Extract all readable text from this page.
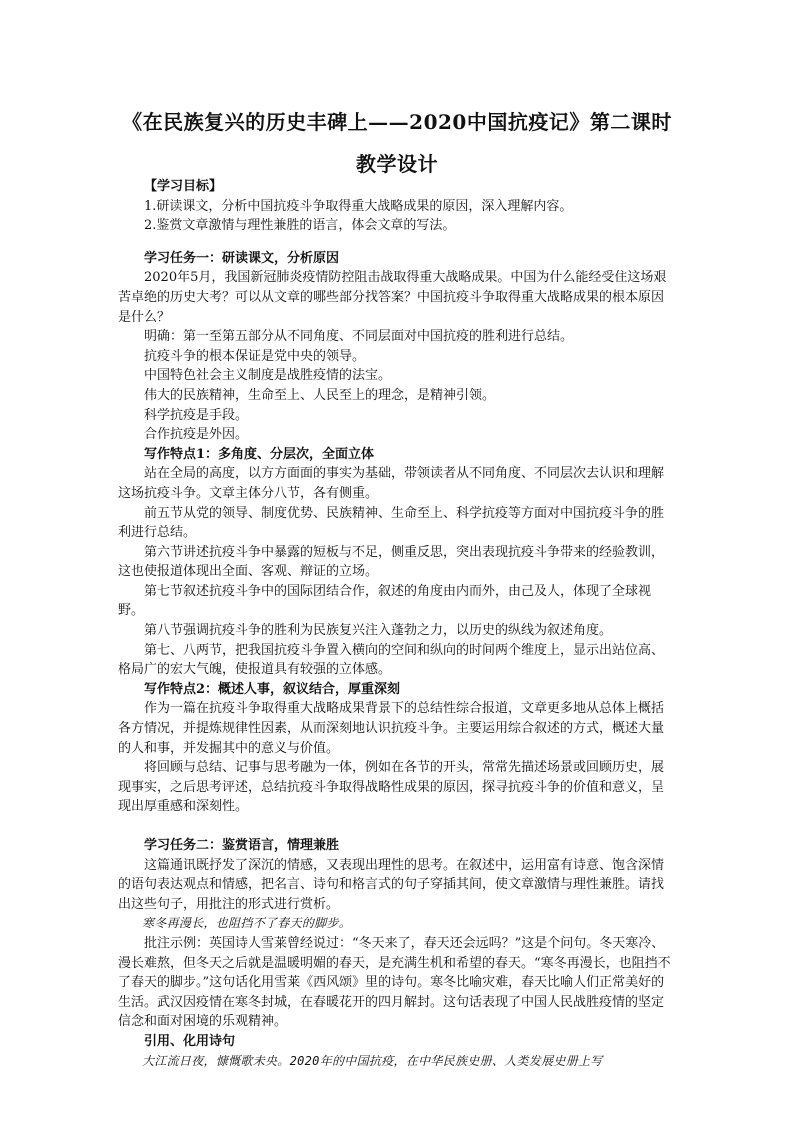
《在民族复兴的历史丰碑上——2020中国抗疫记》第二课时
教学设计

【学习目标】

1.研读课文，分析中国抗疫斗争取得重大战略成果的原因，深入理解内容。

2.鉴赏文章激情与理性兼胜的语言，体会文章的写法。

学习任务一：研读课文，分析原因

2020年5月，我国新冠肺炎疫情防控阻击战取得重大战略成果。中国为什么能经受住这场艰苦卓绝的历史大考？可以从文章的哪些部分找答案？中国抗疫斗争取得重大战略成果的根本原因是什么？

明确：第一至第五部分从不同角度、不同层面对中国抗疫的胜利进行总结。

抗疫斗争的根本保证是党中央的领导。

中国特色社会主义制度是战胜疫情的法宝。

伟大的民族精神，生命至上、人民至上的理念，是精神引领。

科学抗疫是手段。

合作抗疫是外因。

写作特点1：多角度、分层次，全面立体

站在全局的高度，以方方面面的事实为基础，带领读者从不同角度、不同层次去认识和理解这场抗疫斗争。文章主体分八节，各有侧重。

前五节从党的领导、制度优势、民族精神、生命至上、科学抗疫等方面对中国抗疫斗争的胜利进行总结。

第六节讲述抗疫斗争中暴露的短板与不足，侧重反思，突出表现抗疫斗争带来的经验教训，这也使报道体现出全面、客观、辩证的立场。

第七节叙述抗疫斗争中的国际团结合作，叙述的角度由内而外，由己及人，体现了全球视野。

第八节强调抗疫斗争的胜利为民族复兴注入蓬勃之力，以历史的纵线为叙述角度。

第七、八两节，把我国抗疫斗争置入横向的空间和纵向的时间两个维度上，显示出站位高、格局广的宏大气魄，使报道具有较强的立体感。

写作特点2：概述人事，叙议结合，厚重深刻

作为一篇在抗疫斗争取得重大战略成果背景下的总结性综合报道，文章更多地从总体上概括各方情况，并提炼规律性因素，从而深刻地认识抗疫斗争。主要运用综合叙述的方式，概述大量的人和事，并发掘其中的意义与价值。

将回顾与总结、记事与思考融为一体，例如在各节的开头，常常先描述场景或回顾历史，展现事实，之后思考评述，总结抗疫斗争取得战略性成果的原因，探寻抗疫斗争的价值和意义，呈现出厚重感和深刻性。

学习任务二：鉴赏语言，情理兼胜

这篇通讯既抒发了深沉的情感，又表现出理性的思考。在叙述中，运用富有诗意、饱含深情的语句表达观点和情感，把名言、诗句和格言式的句子穿插其间，使文章激情与理性兼胜。请找出这些句子，用批注的形式进行赏析。

寒冬再漫长，也阻挡不了春天的脚步。

批注示例：英国诗人雪莱曾经说过：“冬天来了，春天还会远吗？”这是个问句。冬天寒冷、漫长难熬，但冬天之后就是温暖明媚的春天，是充满生机和希望的春天。“寒冬再漫长，也阻挡不了春天的脚步。”这句话化用雪莱《西风颂》里的诗句。寒冬比喻灾难，春天比喻人们正常美好的生活。武汉因疫情在寒冬封城，在春暖花开的四月解封。这句话表现了中国人民战胜疫情的坚定信念和面对困境的乐观精神。

引用、化用诗句

大江流日夜，慷慨歌未央。2020年的中国抗疫，在中华民族史册、人类发展史册上写
